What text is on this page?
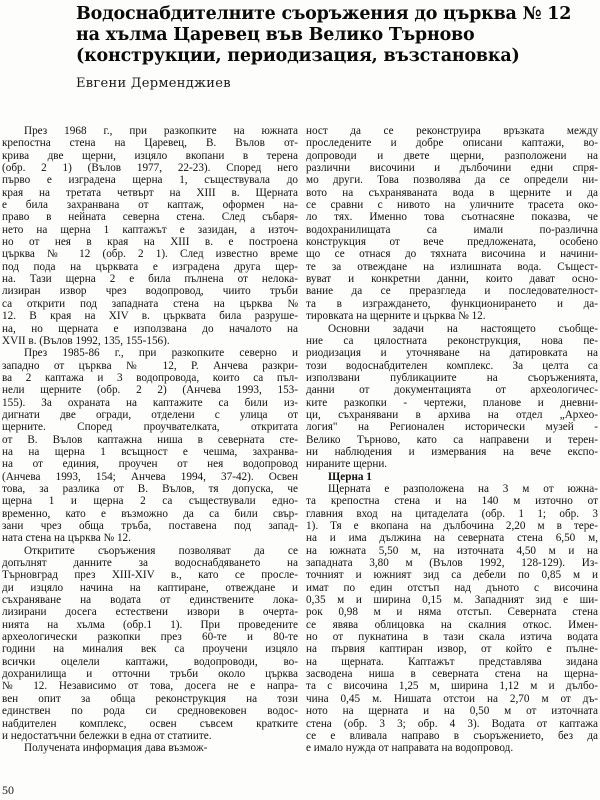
Водоснабдителните съоръжения до църква № 12
на хълма Царевец във Велико Търново
(конструкции, периодизация, възстановка)
Евгени Дерменджиев
През 1968 г., при разкопките на южната
крепостна стена на Царевец, В. Вълов от-
крива две щерни, изцяло вкопани в терена
(обр. 2 1) (Вълов 1977, 22-23). Според него
първо е изградена щерна 1, съществувала до
края на третата четвърт на XIII в. Щерната
е била захранвана от каптаж, оформен на-
право в нейната северна стена. След събаря-
нето на щерна 1 каптажът е зазидан, а източ-
но от нея в края на XIII в. е построена
църква № 12 (обр. 2 1). След известно време
под пода на църквата е изградена друга щер-
на. Тази щерна 2 е била пълнена от нелока-
лизиран извор чрез водопровод, чиито тръби
са открити под западната стена на църква №
12. В края на XIV в. църквата била разруше-
на, но щерната е използвана до началото на
XVII в. (Вълов 1992, 135, 155-156).
През 1985-86 г., при разкопките северно и
западно от църква № 12, Р. Анчева разкри-
ва 2 каптажа и 3 водопровода, които са пъл-
нели щерните (обр. 2 2) (Анчева 1993, 153-
155). За охраната на каптажите са били из-
дигнати две огради, отделени с улица от
щерните. Според проучвателката, откритата
от В. Вълов каптажна ниша в северната сте-
на на щерна 1 всъщност е чешма, захранва-
на от единия, проучен от нея водопровод
(Анчева 1993, 154; Анчева 1994, 37-42). Освен
това, за разлика от В. Вълов, тя допуска, че
щерна 1 и щерна 2 са съществували едно-
временно, като е възможно да са били свър-
зани чрез обща тръба, поставена под запад-
ната стена на църква № 12.
Откритите съоръжения позволяват да се
допълнят данните за водоснабдяването на
Търновград през XIII-XIV в., като се просле-
ди изцяло начина на каптиране, отвеждане и
съхраняване на водата от единствените лока-
лизирани досега естествени извори в очерта-
нията на хълма (обр.1 1). При проведените
археологически разкопки през 60-те и 80-те
години на миналия век са проучени изцяло
всички оцелели каптажи, водопроводи, во-
дохранилища и отточни тръби около църква
№ 12. Независимо от това, досега не е напра-
вен опит за обща реконструкция на този
единствен по рода си средновековен водос-
набдителен комплекс, освен съвсем кратките
и недостатъчни бележки в една от статиите.
Получената информация дава възмож-
ност да се реконструира връзката между
проследените и добре описани каптажи, во-
допроводи и двете щерни, разположени на
различни височини и дълбочини едни спря-
мо други. Това позволява да се определи ни-
вото на съхраняваната вода в щерните и да
се сравни с нивото на уличните трасета око-
ло тях. Именно това съотнасяне показва, че
водохранилищата са имали по-различна
конструкция от вече предложената, особено
що се отнася до тяхната височина и начини-
те за отвеждане на излишната вода. Същест-
вуват и конкретни данни, които дават осно-
вание да се преразгледа и последователност-
та в изграждането, функционирането и да-
тировката на щерните и църква № 12.
Основни задачи на настоящето съобще-
ние са цялостната реконструкция, нова пе-
риодизация и уточняване на датировката на
този водоснабдителен комплекс. За целта са
използвани публикациите на съоръженията,
данни от документацията от археологичес-
ките разкопки - чертежи, планове и дневни-
ци, съхранявани в архива на отдел „Архео-
логия" на Регионален исторически музей -
Велико Търново, като са направени и терен-
ни наблюдения и измервания на вече експо-
нираните щерни.
Щерна 1
Щерната е разположена на 3 м от южна-
та крепостна стена и на 140 м източно от
главния вход на цитаделата (обр. 1 1; обр. 3
1). Тя е вкопана на дълбочина 2,20 м в тере-
на и има дължина на северната стена 6,50 м,
на южната 5,50 м, на източната 4,50 м и на
западната 3,80 м (Вълов 1992, 128-129). Из-
точният и южният зид са дебели по 0,85 м и
имат по един отстъп над дъното с височина
0,35 м и ширина 0,15 м. Западният зид е ши-
рок 0,98 м и няма отстъп. Северната стена
се явява облицовка на скалния откос. Имен-
но от пукнатина в тази скала изтича водата
на първия каптиран извор, от който е пълне-
на щерната. Каптажът представлява зидана
засводена ниша в северната стена на щерна-
та с височина 1,25 м, ширина 1,12 м и дълбо-
чина 0,45 м. Нишата отстои на 2,70 м от дъ-
ното на щерната и на 0,50 м от източната
стена (обр. 3 3; обр. 4 3). Водата от каптажа
се е вливала направо в съоръжението, без да
е имало нужда от направата на водопровод.
50
